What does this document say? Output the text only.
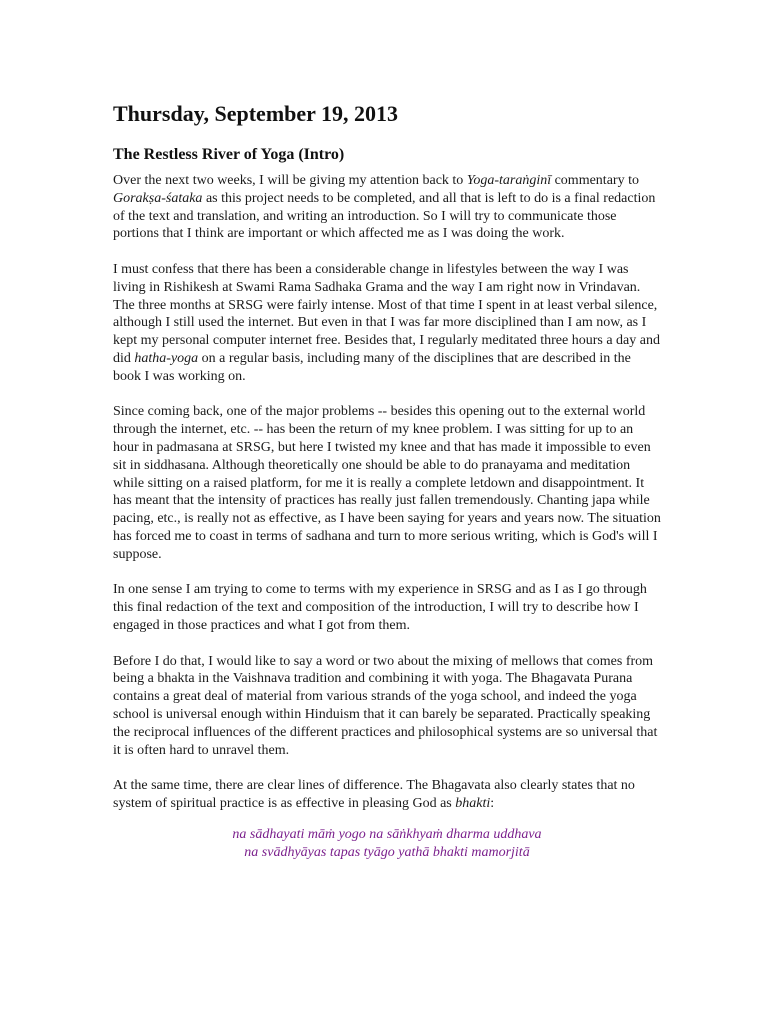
Thursday, September 19, 2013
The Restless River of Yoga (Intro)

Over the next two weeks, I will be giving my attention back to Yoga-taraṅginī commentary to Gorakṣa-śataka as this project needs to be completed, and all that is left to do is a final redaction of the text and translation, and writing an introduction. So I will try to communicate those portions that I think are important or which affected me as I was doing the work.

I must confess that there has been a considerable change in lifestyles between the way I was living in Rishikesh at Swami Rama Sadhaka Grama and the way I am right now in Vrindavan. The three months at SRSG were fairly intense. Most of that time I spent in at least verbal silence, although I still used the internet. But even in that I was far more disciplined than I am now, as I kept my personal computer internet free. Besides that, I regularly meditated three hours a day and did hatha-yoga on a regular basis, including many of the disciplines that are described in the book I was working on.

Since coming back, one of the major problems -- besides this opening out to the external world through the internet, etc. -- has been the return of my knee problem. I was sitting for up to an hour in padmasana at SRSG, but here I twisted my knee and that has made it impossible to even sit in siddhasana. Although theoretically one should be able to do pranayama and meditation while sitting on a raised platform, for me it is really a complete letdown and disappointment. It has meant that the intensity of practices has really just fallen tremendously. Chanting japa while pacing, etc., is really not as effective, as I have been saying for years and years now. The situation has forced me to coast in terms of sadhana and turn to more serious writing, which is God's will I suppose.

In one sense I am trying to come to terms with my experience in SRSG and as I as I go through this final redaction of the text and composition of the introduction, I will try to describe how I engaged in those practices and what I got from them.

Before I do that, I would like to say a word or two about the mixing of mellows that comes from being a bhakta in the Vaishnava tradition and combining it with yoga. The Bhagavata Purana contains a great deal of material from various strands of the yoga school, and indeed the yoga school is universal enough within Hinduism that it can barely be separated. Practically speaking the reciprocal influences of the different practices and philosophical systems are so universal that it is often hard to unravel them.

At the same time, there are clear lines of difference. The Bhagavata also clearly states that no system of spiritual practice is as effective in pleasing God as bhakti:

na sādhayati māṁ yogo na sāṅkhyaṁ dharma uddhava
na svādhyāyas tapas tyāgo yathā bhakti mamorjitā
